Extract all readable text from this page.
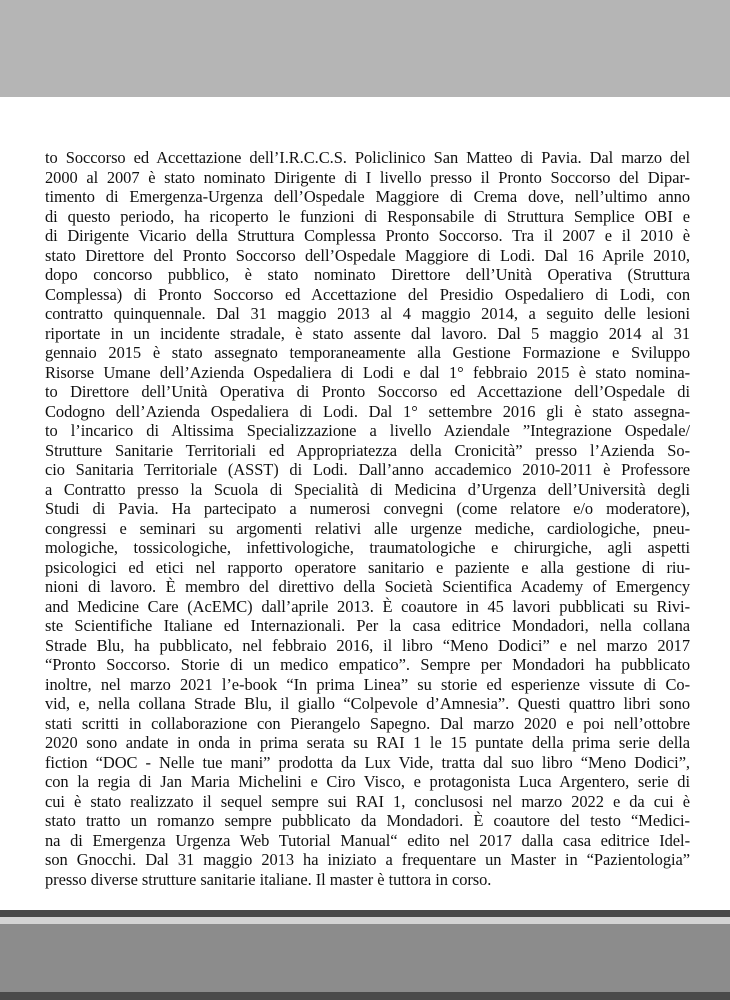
to Soccorso ed Accettazione dell’I.R.C.C.S. Policlinico San Matteo di Pavia. Dal marzo del
2000 al 2007 è stato nominato Dirigente di I livello presso il Pronto Soccorso del Dipar-
timento di Emergenza-Urgenza dell’Ospedale Maggiore di Crema dove, nell’ultimo anno
di questo periodo, ha ricoperto le funzioni di Responsabile di Struttura Semplice OBI e
di Dirigente Vicario della Struttura Complessa Pronto Soccorso. Tra il 2007 e il 2010 è
stato Direttore del Pronto Soccorso dell’Ospedale Maggiore di Lodi. Dal 16 Aprile 2010,
dopo concorso pubblico, è stato nominato Direttore dell’Unità Operativa (Struttura
Complessa) di Pronto Soccorso ed Accettazione del Presidio Ospedaliero di Lodi, con
contratto quinquennale. Dal 31 maggio 2013 al 4 maggio 2014, a seguito delle lesioni
riportate in un incidente stradale, è stato assente dal lavoro. Dal 5 maggio 2014 al 31
gennaio 2015 è stato assegnato temporaneamente alla Gestione Formazione e Sviluppo
Risorse Umane dell’Azienda Ospedaliera di Lodi e dal 1° febbraio 2015 è stato nomina-
to Direttore dell’Unità Operativa di Pronto Soccorso ed Accettazione dell’Ospedale di
Codogno dell’Azienda Ospedaliera di Lodi. Dal 1° settembre 2016 gli è stato assegna-
to l’incarico di Altissima Specializzazione a livello Aziendale ”Integrazione Ospedale/
Strutture Sanitarie Territoriali ed Appropriatezza della Cronicità” presso l’Azienda So-
cio Sanitaria Territoriale (ASST) di Lodi. Dall’anno accademico 2010-2011 è Professore
a Contratto presso la Scuola di Specialità di Medicina d’Urgenza dell’Università degli
Studi di Pavia. Ha partecipato a numerosi convegni (come relatore e/o moderatore),
congressi e seminari su argomenti relativi alle urgenze mediche, cardiologiche, pneu-
mologiche, tossicologiche, infettivologiche, traumatologiche e chirurgiche, agli aspetti
psicologici ed etici nel rapporto operatore sanitario e paziente e alla gestione di riu-
nioni di lavoro. È membro del direttivo della Società Scientifica Academy of Emergency
and Medicine Care (AcEMC) dall’aprile 2013. È coautore in 45 lavori pubblicati su Rivi-
ste Scientifiche Italiane ed Internazionali. Per la casa editrice Mondadori, nella collana
Strade Blu, ha pubblicato, nel febbraio 2016, il libro “Meno Dodici” e nel marzo 2017
“Pronto Soccorso. Storie di un medico empatico”. Sempre per Mondadori ha pubblicato
inoltre, nel marzo 2021 l’e-book “In prima Linea” su storie ed esperienze vissute di Co-
vid, e, nella collana Strade Blu, il giallo “Colpevole d’Amnesia”. Questi quattro libri sono
stati scritti in collaborazione con Pierangelo Sapegno. Dal marzo 2020 e poi nell’ottobre
2020 sono andate in onda in prima serata su RAI 1 le 15 puntate della prima serie della
fiction “DOC - Nelle tue mani” prodotta da Lux Vide, tratta dal suo libro “Meno Dodici”,
con la regia di Jan Maria Michelini e Ciro Visco, e protagonista Luca Argentero, serie di
cui è stato realizzato il sequel sempre sui RAI 1, conclusosi nel marzo 2022 e da cui è
stato tratto un romanzo sempre pubblicato da Mondadori. È coautore del testo “Medici-
na di Emergenza Urgenza Web Tutorial Manual“ edito nel 2017 dalla casa editrice Idel-
son Gnocchi. Dal 31 maggio 2013 ha iniziato a frequentare un Master in “Pazientologia”
presso diverse strutture sanitarie italiane. Il master è tuttora in corso.
